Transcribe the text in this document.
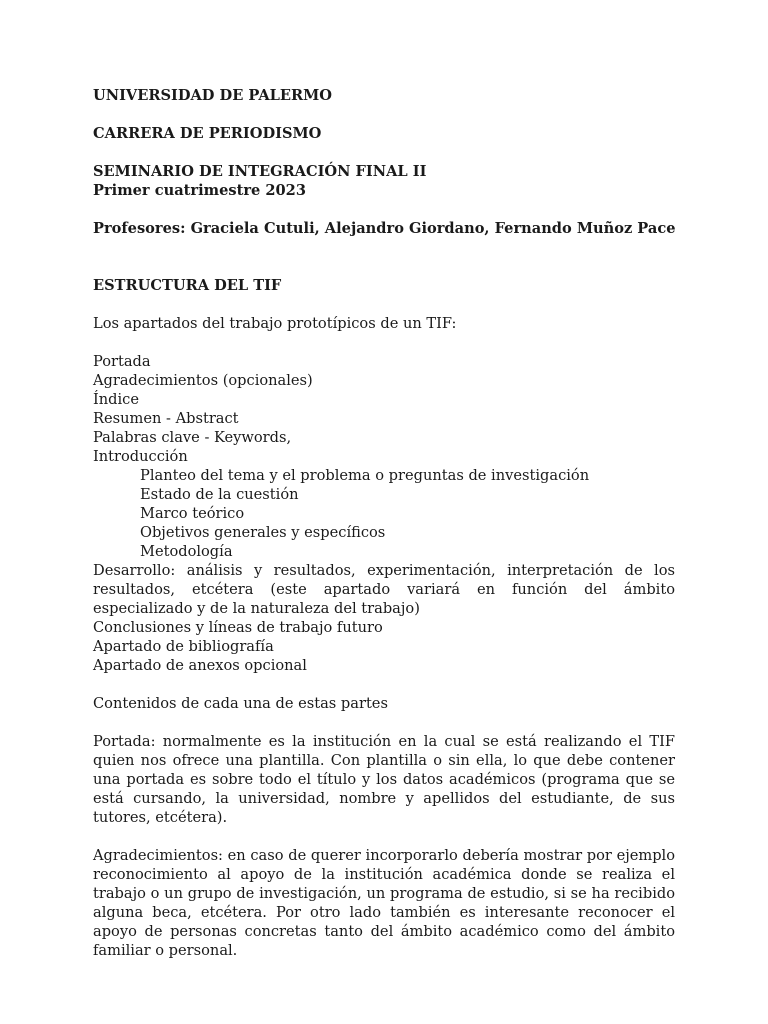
UNIVERSIDAD DE PALERMO

CARRERA DE PERIODISMO

SEMINARIO DE INTEGRACIÓN FINAL II

Primer cuatrimestre 2023

Profesores: Graciela Cutuli, Alejandro Giordano, Fernando Muñoz Pace

ESTRUCTURA DEL TIF

Los apartados del trabajo prototípicos de un TIF:

Portada

Agradecimientos (opcionales)

Índice

Resumen - Abstract

Palabras clave - Keywords,

Introducción

Planteo del tema y el problema o preguntas de investigación

Estado de la cuestión

Marco teórico

Objetivos generales y específicos

Metodología

Desarrollo: análisis y resultados, experimentación, interpretación de los resultados, etcétera (este apartado variará en función del ámbito especializado y de la naturaleza del trabajo)

Conclusiones y líneas de trabajo futuro

Apartado de bibliografía

Apartado de anexos opcional

Contenidos de cada una de estas partes

Portada: normalmente es la institución en la cual se está realizando el TIF quien nos ofrece una plantilla. Con plantilla o sin ella, lo que debe contener una portada es sobre todo el título y los datos académicos (programa que se está cursando, la universidad, nombre y apellidos del estudiante, de sus tutores, etcétera).

Agradecimientos: en caso de querer incorporarlo debería mostrar por ejemplo reconocimiento al apoyo de la institución académica donde se realiza el trabajo o un grupo de investigación, un programa de estudio, si se ha recibido alguna beca, etcétera. Por otro lado también es interesante reconocer el apoyo de personas concretas tanto del ámbito académico como del ámbito familiar o personal.
